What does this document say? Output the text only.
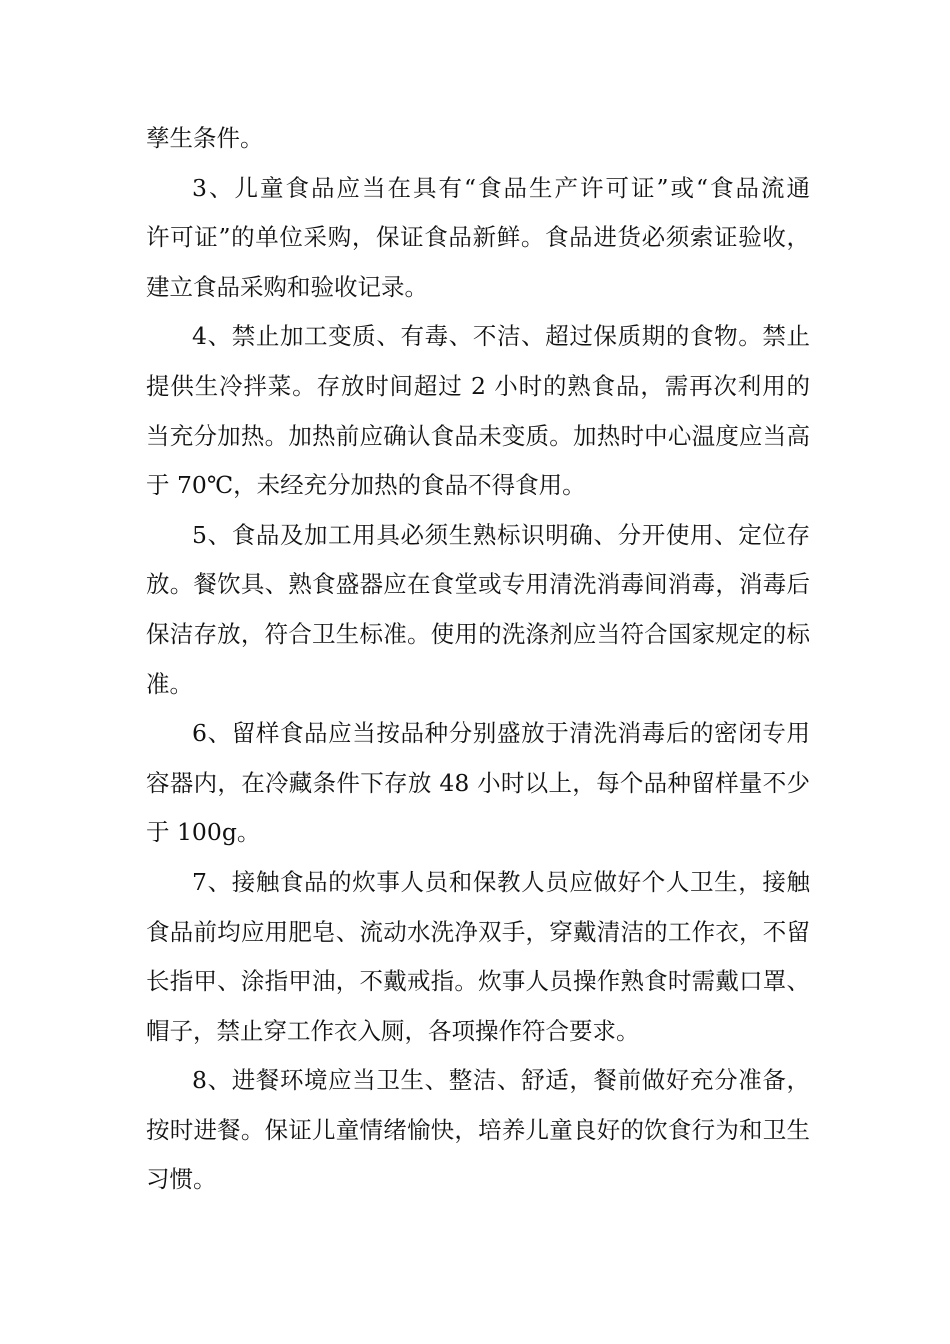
孳生条件。
3、儿童食品应当在具有“食品生产许可证”或“食品流通
许可证”的单位采购，保证食品新鲜。食品进货必须索证验收，
建立食品采购和验收记录。
4、禁止加工变质、有毒、不洁、超过保质期的食物。禁止
提供生冷拌菜。存放时间超过 2 小时的熟食品，需再次利用的
当充分加热。加热前应确认食品未变质。加热时中心温度应当高
于 70℃，未经充分加热的食品不得食用。
5、食品及加工用具必须生熟标识明确、分开使用、定位存
放。餐饮具、熟食盛器应在食堂或专用清洗消毒间消毒，消毒后
保洁存放，符合卫生标准。使用的洗涤剂应当符合国家规定的标
准。
6、留样食品应当按品种分别盛放于清洗消毒后的密闭专用
容器内，在冷藏条件下存放 48 小时以上，每个品种留样量不少
于 100g。
7、接触食品的炊事人员和保教人员应做好个人卫生，接触
食品前均应用肥皂、流动水洗净双手，穿戴清洁的工作衣，不留
长指甲、涂指甲油，不戴戒指。炊事人员操作熟食时需戴口罩、
帽子，禁止穿工作衣入厕，各项操作符合要求。
8、进餐环境应当卫生、整洁、舒适，餐前做好充分准备，
按时进餐。保证儿童情绪愉快，培养儿童良好的饮食行为和卫生
习惯。
